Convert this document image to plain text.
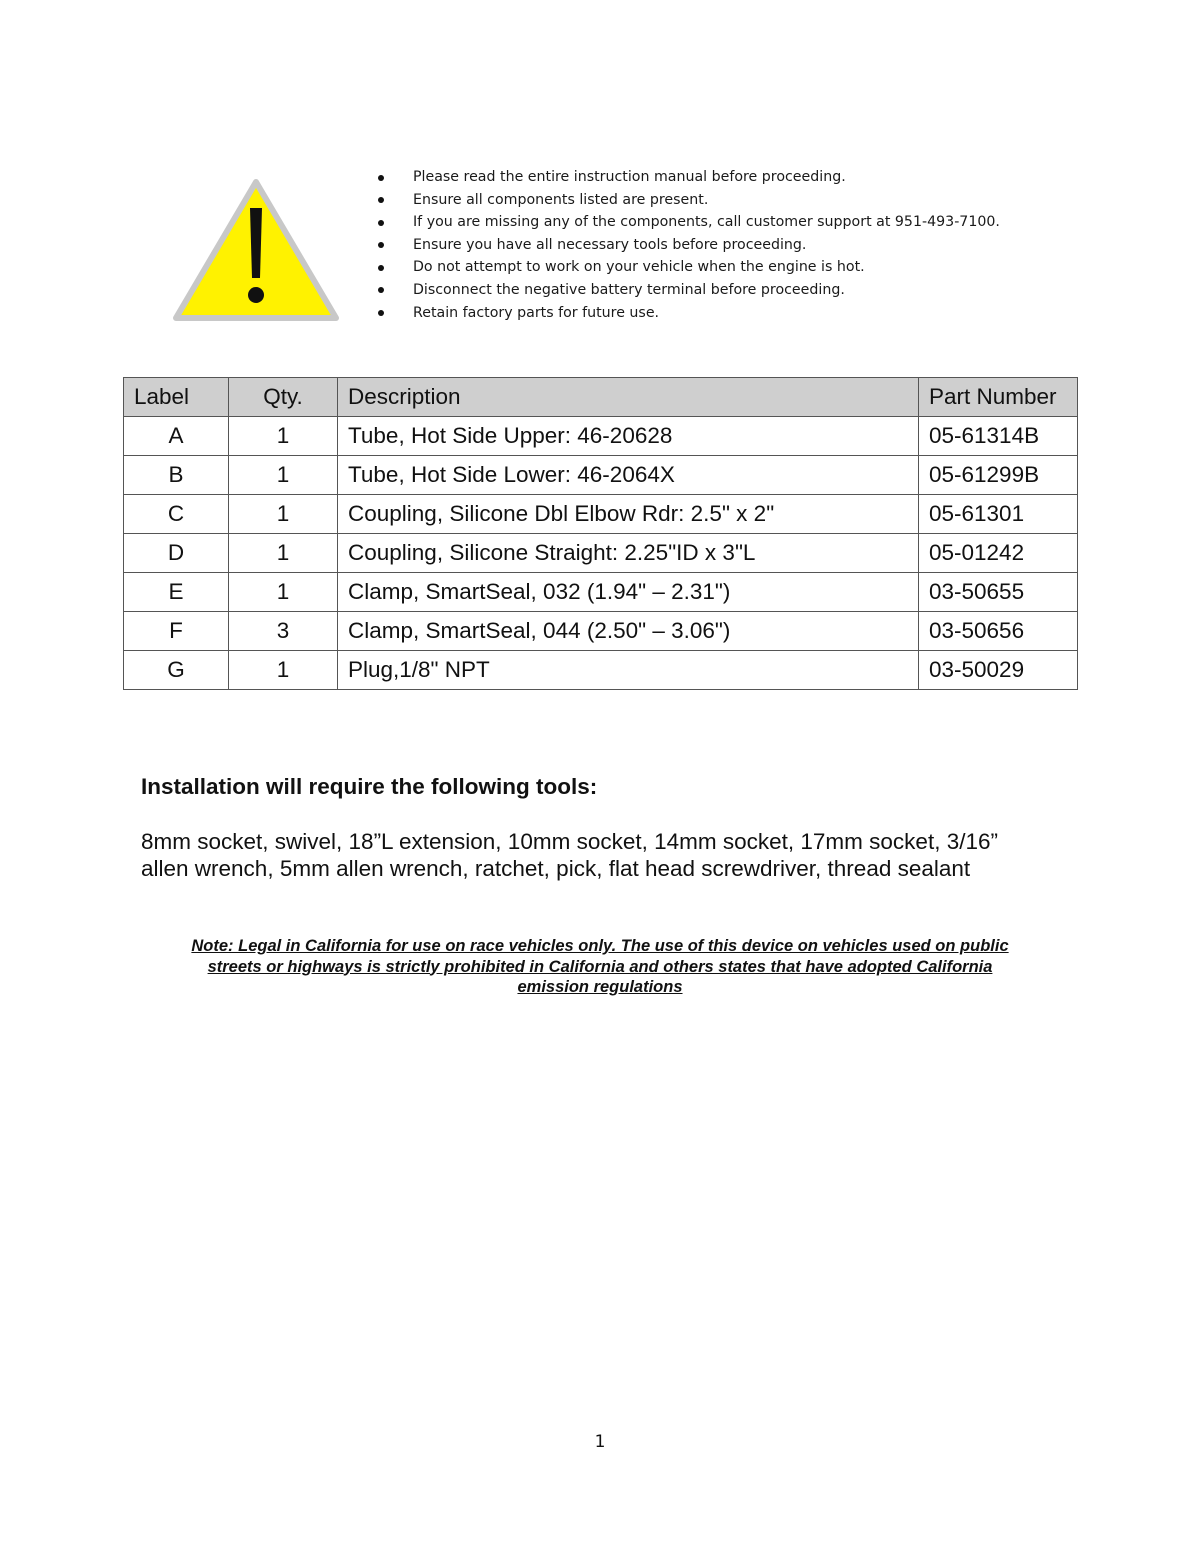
Please read the entire instruction manual before proceeding.
Ensure all components listed are present.
If you are missing any of the components, call customer support at 951-493-7100.
Ensure you have all necessary tools before proceeding.
Do not attempt to work on your vehicle when the engine is hot.
Disconnect the negative battery terminal before proceeding.
Retain factory parts for future use.
Label	Qty.	Description	Part Number
A	1	Tube, Hot Side Upper: 46-20628	05-61314B
B	1	Tube, Hot Side Lower: 46-2064X	05-61299B
C	1	Coupling, Silicone Dbl Elbow Rdr: 2.5" x 2"	05-61301
D	1	Coupling, Silicone Straight: 2.25"ID x 3"L	05-01242
E	1	Clamp, SmartSeal, 032 (1.94" – 2.31")	03-50655
F	3	Clamp, SmartSeal, 044 (2.50" – 3.06")	03-50656
G	1	Plug,1/8" NPT	03-50029
Installation will require the following tools:

8mm socket, swivel, 18”L extension, 10mm socket, 14mm socket, 17mm socket, 3/16”
allen wrench, 5mm allen wrench, ratchet, pick, flat head screwdriver, thread sealant

Note: Legal in California for use on race vehicles only. The use of this device on vehicles used on public
streets or highways is strictly prohibited in California and others states that have adopted California
emission regulations

1
